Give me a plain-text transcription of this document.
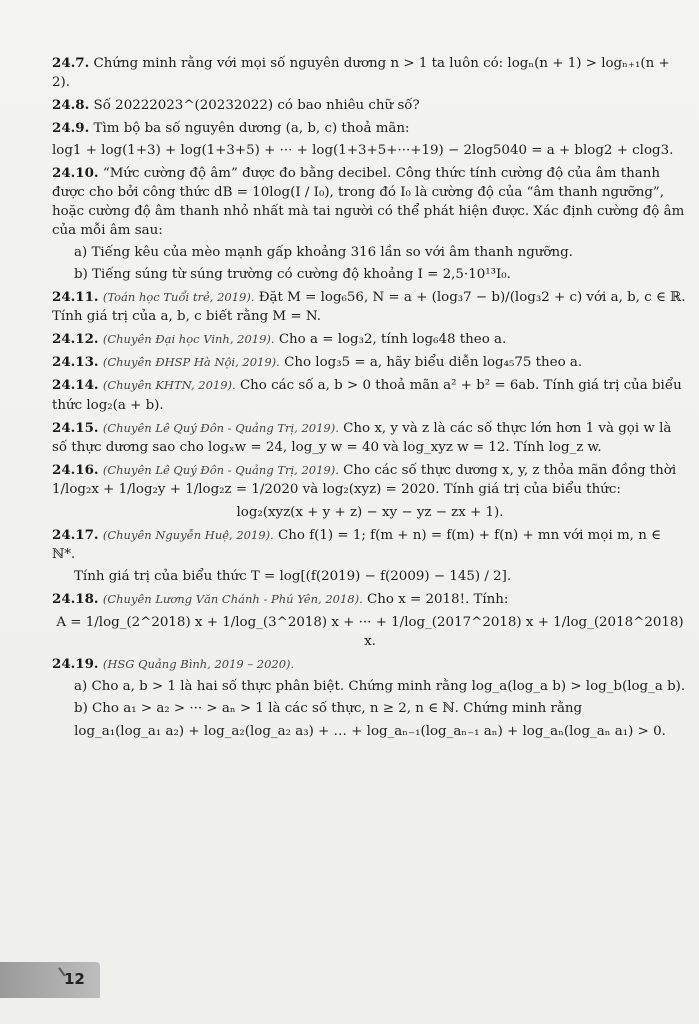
24.7. Chứng minh rằng với mọi số nguyên dương n > 1 ta luôn có: logₙ(n + 1) > logₙ₊₁(n + 2).

24.8. Số 20222023^(20232022) có bao nhiêu chữ số?

24.9. Tìm bộ ba số nguyên dương (a, b, c) thoả mãn:

log1 + log(1+3) + log(1+3+5) + ··· + log(1+3+5+···+19) − 2log5040 = a + blog2 + clog3.

24.10. “Mức cường độ âm” được đo bằng decibel. Công thức tính cường độ của âm thanh được cho bởi công thức dB = 10log(I / I₀), trong đó I₀ là cường độ của “âm thanh ngưỡng”, hoặc cường độ âm thanh nhỏ nhất mà tai người có thể phát hiện được. Xác định cường độ âm của mỗi âm sau:

a) Tiếng kêu của mèo mạnh gấp khoảng 316 lần so với âm thanh ngưỡng.

b) Tiếng súng từ súng trường có cường độ khoảng I = 2,5·10¹³I₀.

24.11. (Toán học Tuổi trẻ, 2019). Đặt M = log₆56, N = a + (log₃7 − b)/(log₃2 + c) với a, b, c ∈ ℝ. Tính giá trị của a, b, c biết rằng M = N.

24.12. (Chuyên Đại học Vinh, 2019). Cho a = log₃2, tính log₆48 theo a.

24.13. (Chuyên ĐHSP Hà Nội, 2019). Cho log₃5 = a, hãy biểu diễn log₄₅75 theo a.

24.14. (Chuyên KHTN, 2019). Cho các số a, b > 0 thoả mãn a² + b² = 6ab. Tính giá trị của biểu thức log₂(a + b).

24.15. (Chuyên Lê Quý Đôn - Quảng Trị, 2019). Cho x, y và z là các số thực lớn hơn 1 và gọi w là số thực dương sao cho logₓw = 24, log_y w = 40 và log_xyz w = 12. Tính log_z w.

24.16. (Chuyên Lê Quý Đôn - Quảng Trị, 2019). Cho các số thực dương x, y, z thỏa mãn đồng thời 1/log₂x + 1/log₂y + 1/log₂z = 1/2020 và log₂(xyz) = 2020. Tính giá trị của biểu thức:

log₂(xyz(x + y + z) − xy − yz − zx + 1).

24.17. (Chuyên Nguyễn Huệ, 2019). Cho f(1) = 1; f(m + n) = f(m) + f(n) + mn với mọi m, n ∈ ℕ*.

Tính giá trị của biểu thức T = log[(f(2019) − f(2009) − 145) / 2].

24.18. (Chuyên Lương Văn Chánh - Phú Yên, 2018). Cho x = 2018!. Tính:

A = 1/log_(2^2018) x + 1/log_(3^2018) x + ··· + 1/log_(2017^2018) x + 1/log_(2018^2018) x.

24.19. (HSG Quảng Bình, 2019 – 2020).

a) Cho a, b > 1 là hai số thực phân biệt. Chứng minh rằng log_a(log_a b) > log_b(log_a b).

b) Cho a₁ > a₂ > ··· > aₙ > 1 là các số thực, n ≥ 2, n ∈ ℕ. Chứng minh rằng

log_a₁(log_a₁ a₂) + log_a₂(log_a₂ a₃) + … + log_aₙ₋₁(log_aₙ₋₁ aₙ) + log_aₙ(log_aₙ a₁) > 0.

12
